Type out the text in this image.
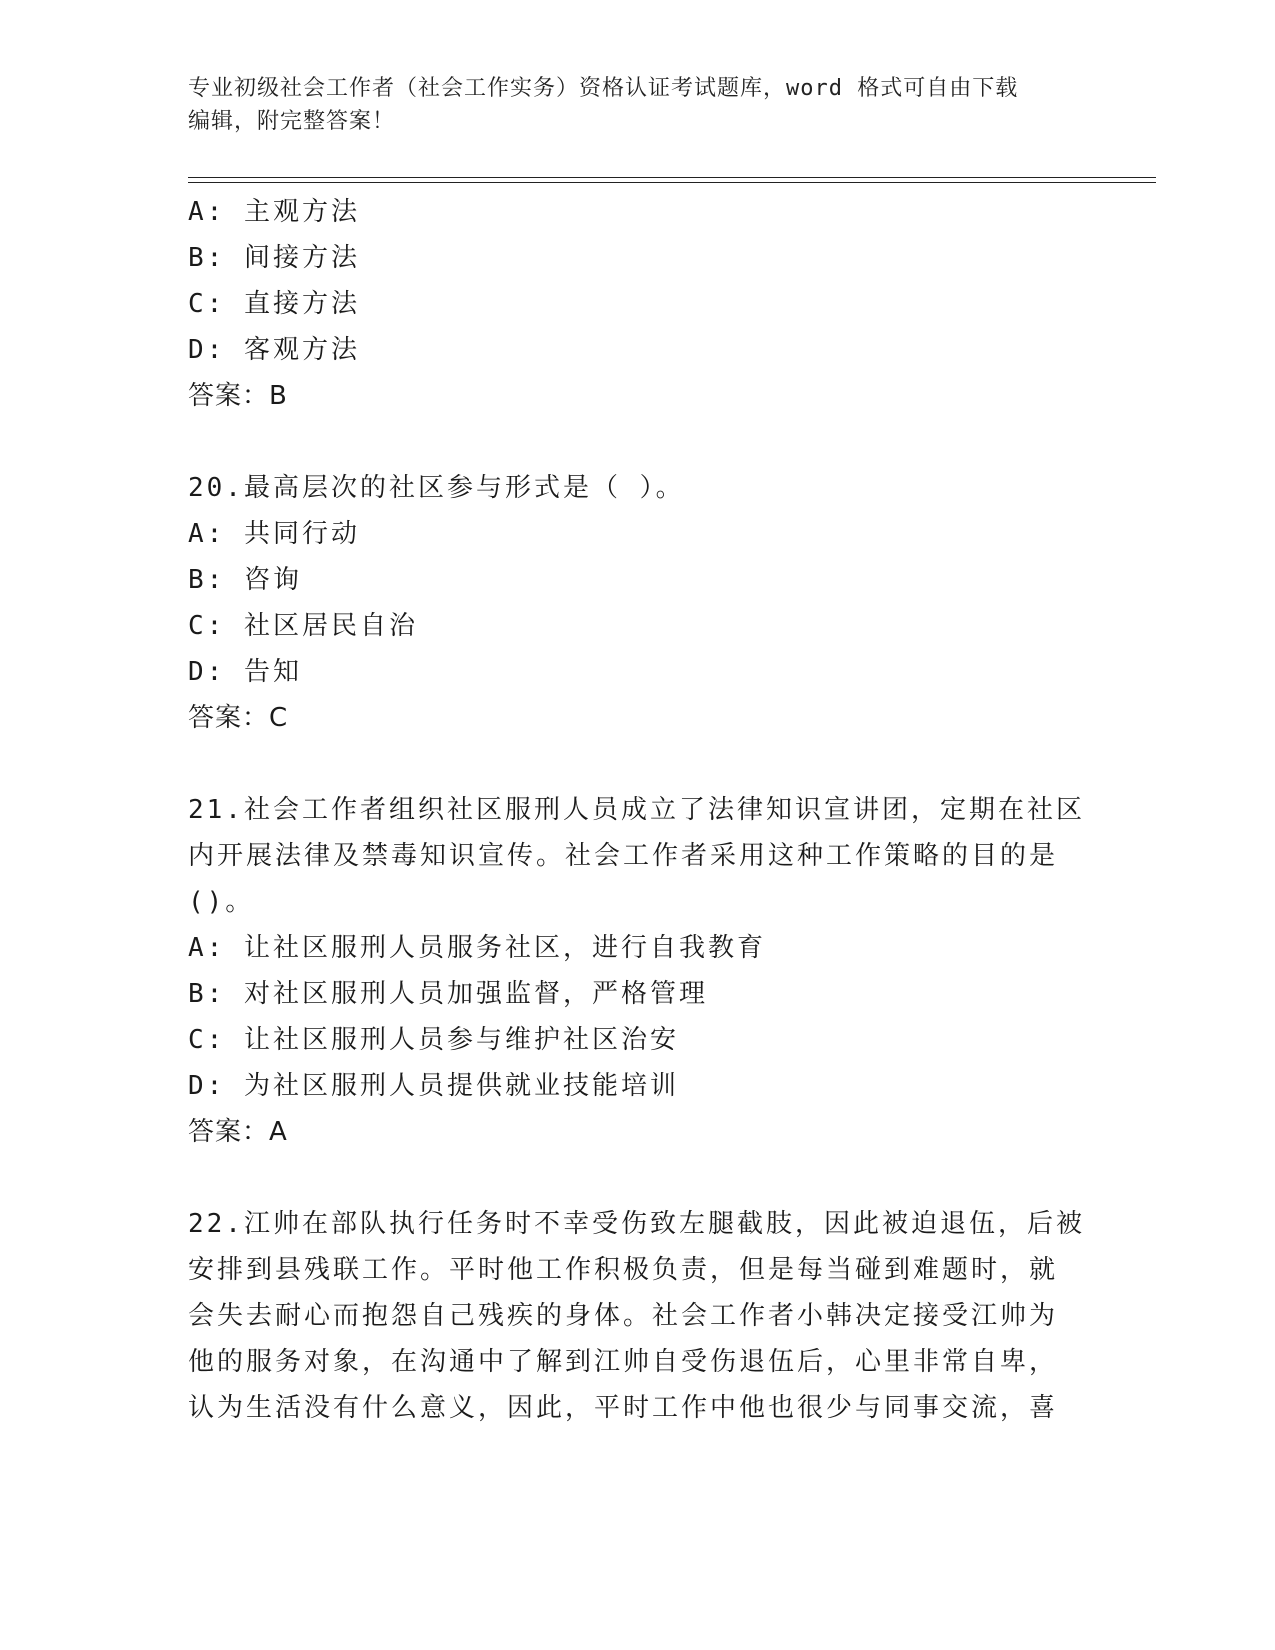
专业初级社会工作者（社会工作实务）资格认证考试题库，word 格式可自由下载
编辑，附完整答案！
A: 主观方法
B: 间接方法
C: 直接方法
D: 客观方法
答案：B
20.最高层次的社区参与形式是（ ）。
A: 共同行动
B: 咨询
C: 社区居民自治
D: 告知
答案：C
21.社会工作者组织社区服刑人员成立了法律知识宣讲团，定期在社区
内开展法律及禁毒知识宣传。社会工作者采用这种工作策略的目的是
()。
A: 让社区服刑人员服务社区，进行自我教育
B: 对社区服刑人员加强监督，严格管理
C: 让社区服刑人员参与维护社区治安
D: 为社区服刑人员提供就业技能培训
答案：A
22.江帅在部队执行任务时不幸受伤致左腿截肢，因此被迫退伍，后被
安排到县残联工作。平时他工作积极负责，但是每当碰到难题时，就
会失去耐心而抱怨自己残疾的身体。社会工作者小韩决定接受江帅为
他的服务对象，在沟通中了解到江帅自受伤退伍后，心里非常自卑，
认为生活没有什么意义，因此，平时工作中他也很少与同事交流，喜
